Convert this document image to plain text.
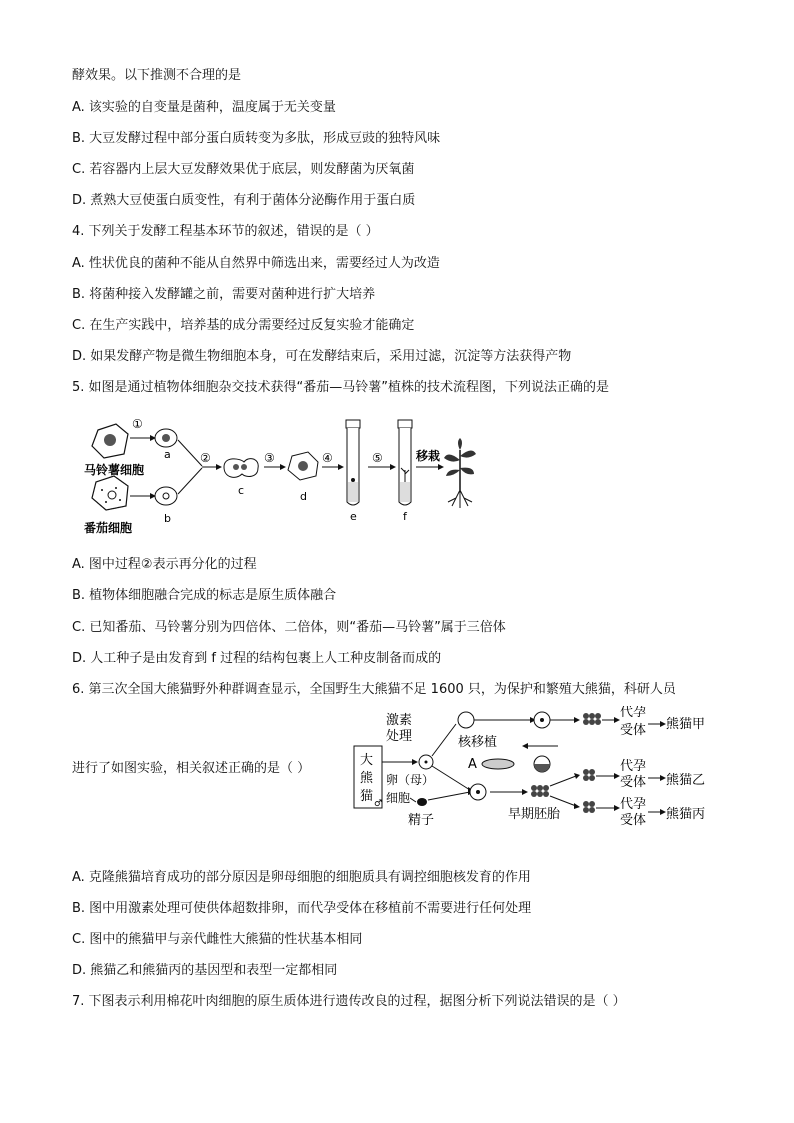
酵效果。以下推测不合理的是
A. 该实验的自变量是菌种，温度属于无关变量
B. 大豆发酵过程中部分蛋白质转变为多肽，形成豆豉的独特风味
C. 若容器内上层大豆发酵效果优于底层，则发酵菌为厌氧菌
D. 煮熟大豆使蛋白质变性，有利于菌体分泌酶作用于蛋白质
4. 下列关于发酵工程基本环节的叙述，错误的是（ ）
A. 性状优良的菌种不能从自然界中筛选出来，需要经过人为改造
B. 将菌种接入发酵罐之前，需要对菌种进行扩大培养
C. 在生产实践中，培养基的成分需要经过反复实验才能确定
D. 如果发酵产物是微生物细胞本身，可在发酵结束后，采用过滤，沉淀等方法获得产物
5. 如图是通过植物体细胞杂交技术获得“番茄—马铃薯”植株的技术流程图，下列说法正确的是
马铃薯细胞
番茄细胞
①
a
b
②
c
③
d
④
e
⑤
f
移栽
A. 图中过程②表示再分化的过程
B. 植物体细胞融合完成的标志是原生质体融合
C. 已知番茄、马铃薯分别为四倍体、二倍体，则“番茄—马铃薯”属于三倍体
D. 人工种子是由发育到 f 过程的结构包裹上人工种皮制备而成的
6. 第三次全国大熊猫野外种群调查显示，全国野生大熊猫不足 1600 只，为保护和繁殖大熊猫，科研人员
进行了如图实验，相关叙述正确的是（ ）
大
熊
猫 ♂
激素
处理
卵（母）
细胞
精子
核移植
代孕
受体 熊猫甲
A
早期胚胎
代孕
受体 熊猫乙
代孕
受体 熊猫丙
A. 克隆熊猫培育成功的部分原因是卵母细胞的细胞质具有调控细胞核发育的作用
B. 图中用激素处理可使供体超数排卵，而代孕受体在移植前不需要进行任何处理
C. 图中的熊猫甲与亲代雌性大熊猫的性状基本相同
D. 熊猫乙和熊猫丙的基因型和表型一定都相同
7. 下图表示利用棉花叶肉细胞的原生质体进行遗传改良的过程，据图分析下列说法错误的是（ ）
